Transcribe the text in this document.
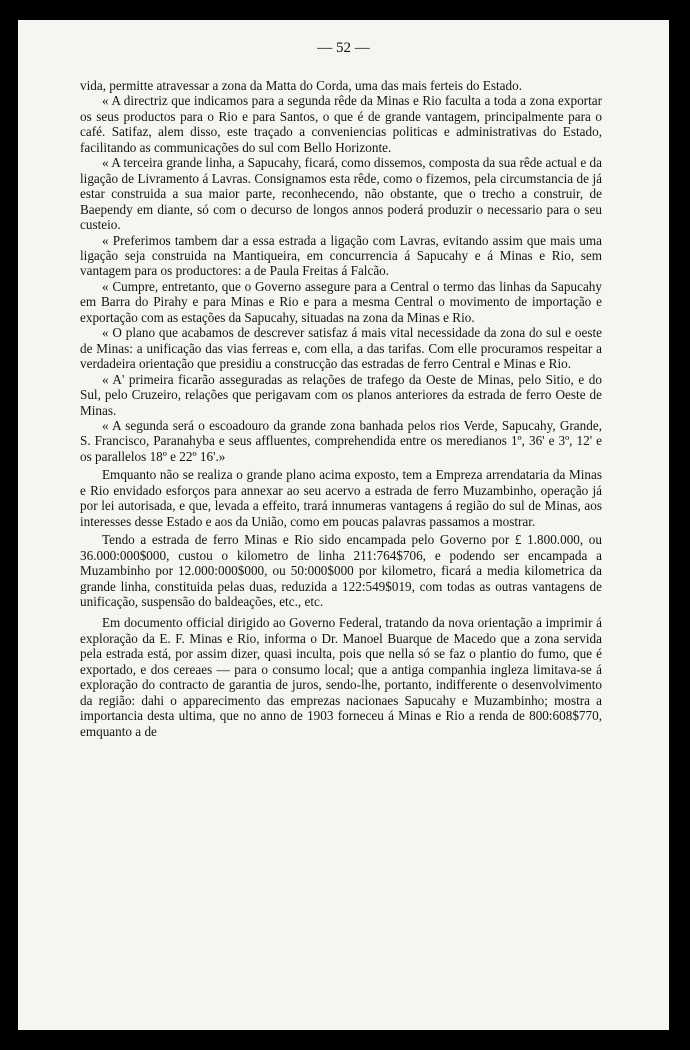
— 52 —

vida, permitte atravessar a zona da Matta do Corda, uma das mais ferteis do Estado.

« A directriz que indicamos para a segunda rêde da Minas e Rio faculta a toda a zona exportar os seus productos para o Rio e para Santos, o que é de grande vantagem, principalmente para o café. Satifaz, alem disso, este traçado a conveniencias politicas e administrativas do Estado, facilitando as communicações do sul com Bello Horizonte.

« A terceira grande linha, a Sapucahy, ficará, como dissemos, composta da sua rêde actual e da ligação de Livramento á Lavras. Consignamos esta rêde, como o fizemos, pela circumstancia de já estar construida a sua maior parte, reconhecendo, não obstante, que o trecho a construir, de Baependy em diante, só com o decurso de longos annos poderá produzir o necessario para o seu custeio.

« Preferimos tambem dar a essa estrada a ligação com Lavras, evitando assim que mais uma ligação seja construida na Mantiqueira, em concurrencia á Sapucahy e á Minas e Rio, sem vantagem para os productores: a de Paula Freitas á Falcão.

« Cumpre, entretanto, que o Governo assegure para a Central o termo das linhas da Sapucahy em Barra do Pirahy e para Minas e Rio e para a mesma Central o movimento de importação e exportação com as estações da Sapucahy, situadas na zona da Minas e Rio.

« O plano que acabamos de descrever satisfaz á mais vital necessidade da zona do sul e oeste de Minas: a unificação das vias ferreas e, com ella, a das tarifas. Com elle procuramos respeitar a verdadeira orientação que presidiu a construcção das estradas de ferro Central e Minas e Rio.

« A' primeira ficarão asseguradas as relações de trafego da Oeste de Minas, pelo Sitio, e do Sul, pelo Cruzeiro, relações que perigavam com os planos anteriores da estrada de ferro Oeste de Minas.

« A segunda será o escoadouro da grande zona banhada pelos rios Verde, Sapucahy, Grande, S. Francisco, Paranahyba e seus affluentes, comprehendida entre os meredianos 1º, 36' e 3º, 12' e os parallelos 18º e 22º 16'.»

Emquanto não se realiza o grande plano acima exposto, tem a Empreza arrendataria da Minas e Rio envidado esforços para annexar ao seu acervo a estrada de ferro Muzambinho, operação já por lei autorisada, e que, levada a effeito, trará innumeras vantagens á região do sul de Minas, aos interesses desse Estado e aos da União, como em poucas palavras passamos a mostrar.

Tendo a estrada de ferro Minas e Rio sido encampada pelo Governo por £ 1.800.000, ou 36.000:000$000, custou o kilometro de linha 211:764$706, e podendo ser encampada a Muzambinho por 12.000:000$000, ou 50:000$000 por kilometro, ficará a media kilometrica da grande linha, constituida pelas duas, reduzida a 122:549$019, com todas as outras vantagens de unificação, suspensão do baldeações, etc., etc.

Em documento official dirigido ao Governo Federal, tratando da nova orientação a imprimir á exploração da E. F. Minas e Rio, informa o Dr. Manoel Buarque de Macedo que a zona servida pela estrada está, por assim dizer, quasi inculta, pois que nella só se faz o plantio do fumo, que é exportado, e dos cereaes — para o consumo local; que a antiga companhia ingleza limitava-se á exploração do contracto de garantia de juros, sendo-lhe, portanto, indifferente o desenvolvimento da região: dahi o apparecimento das emprezas nacionaes Sapucahy e Muzambinho; mostra a importancia desta ultima, que no anno de 1903 forneceu á Minas e Rio a renda de 800:608$770, emquanto a de
